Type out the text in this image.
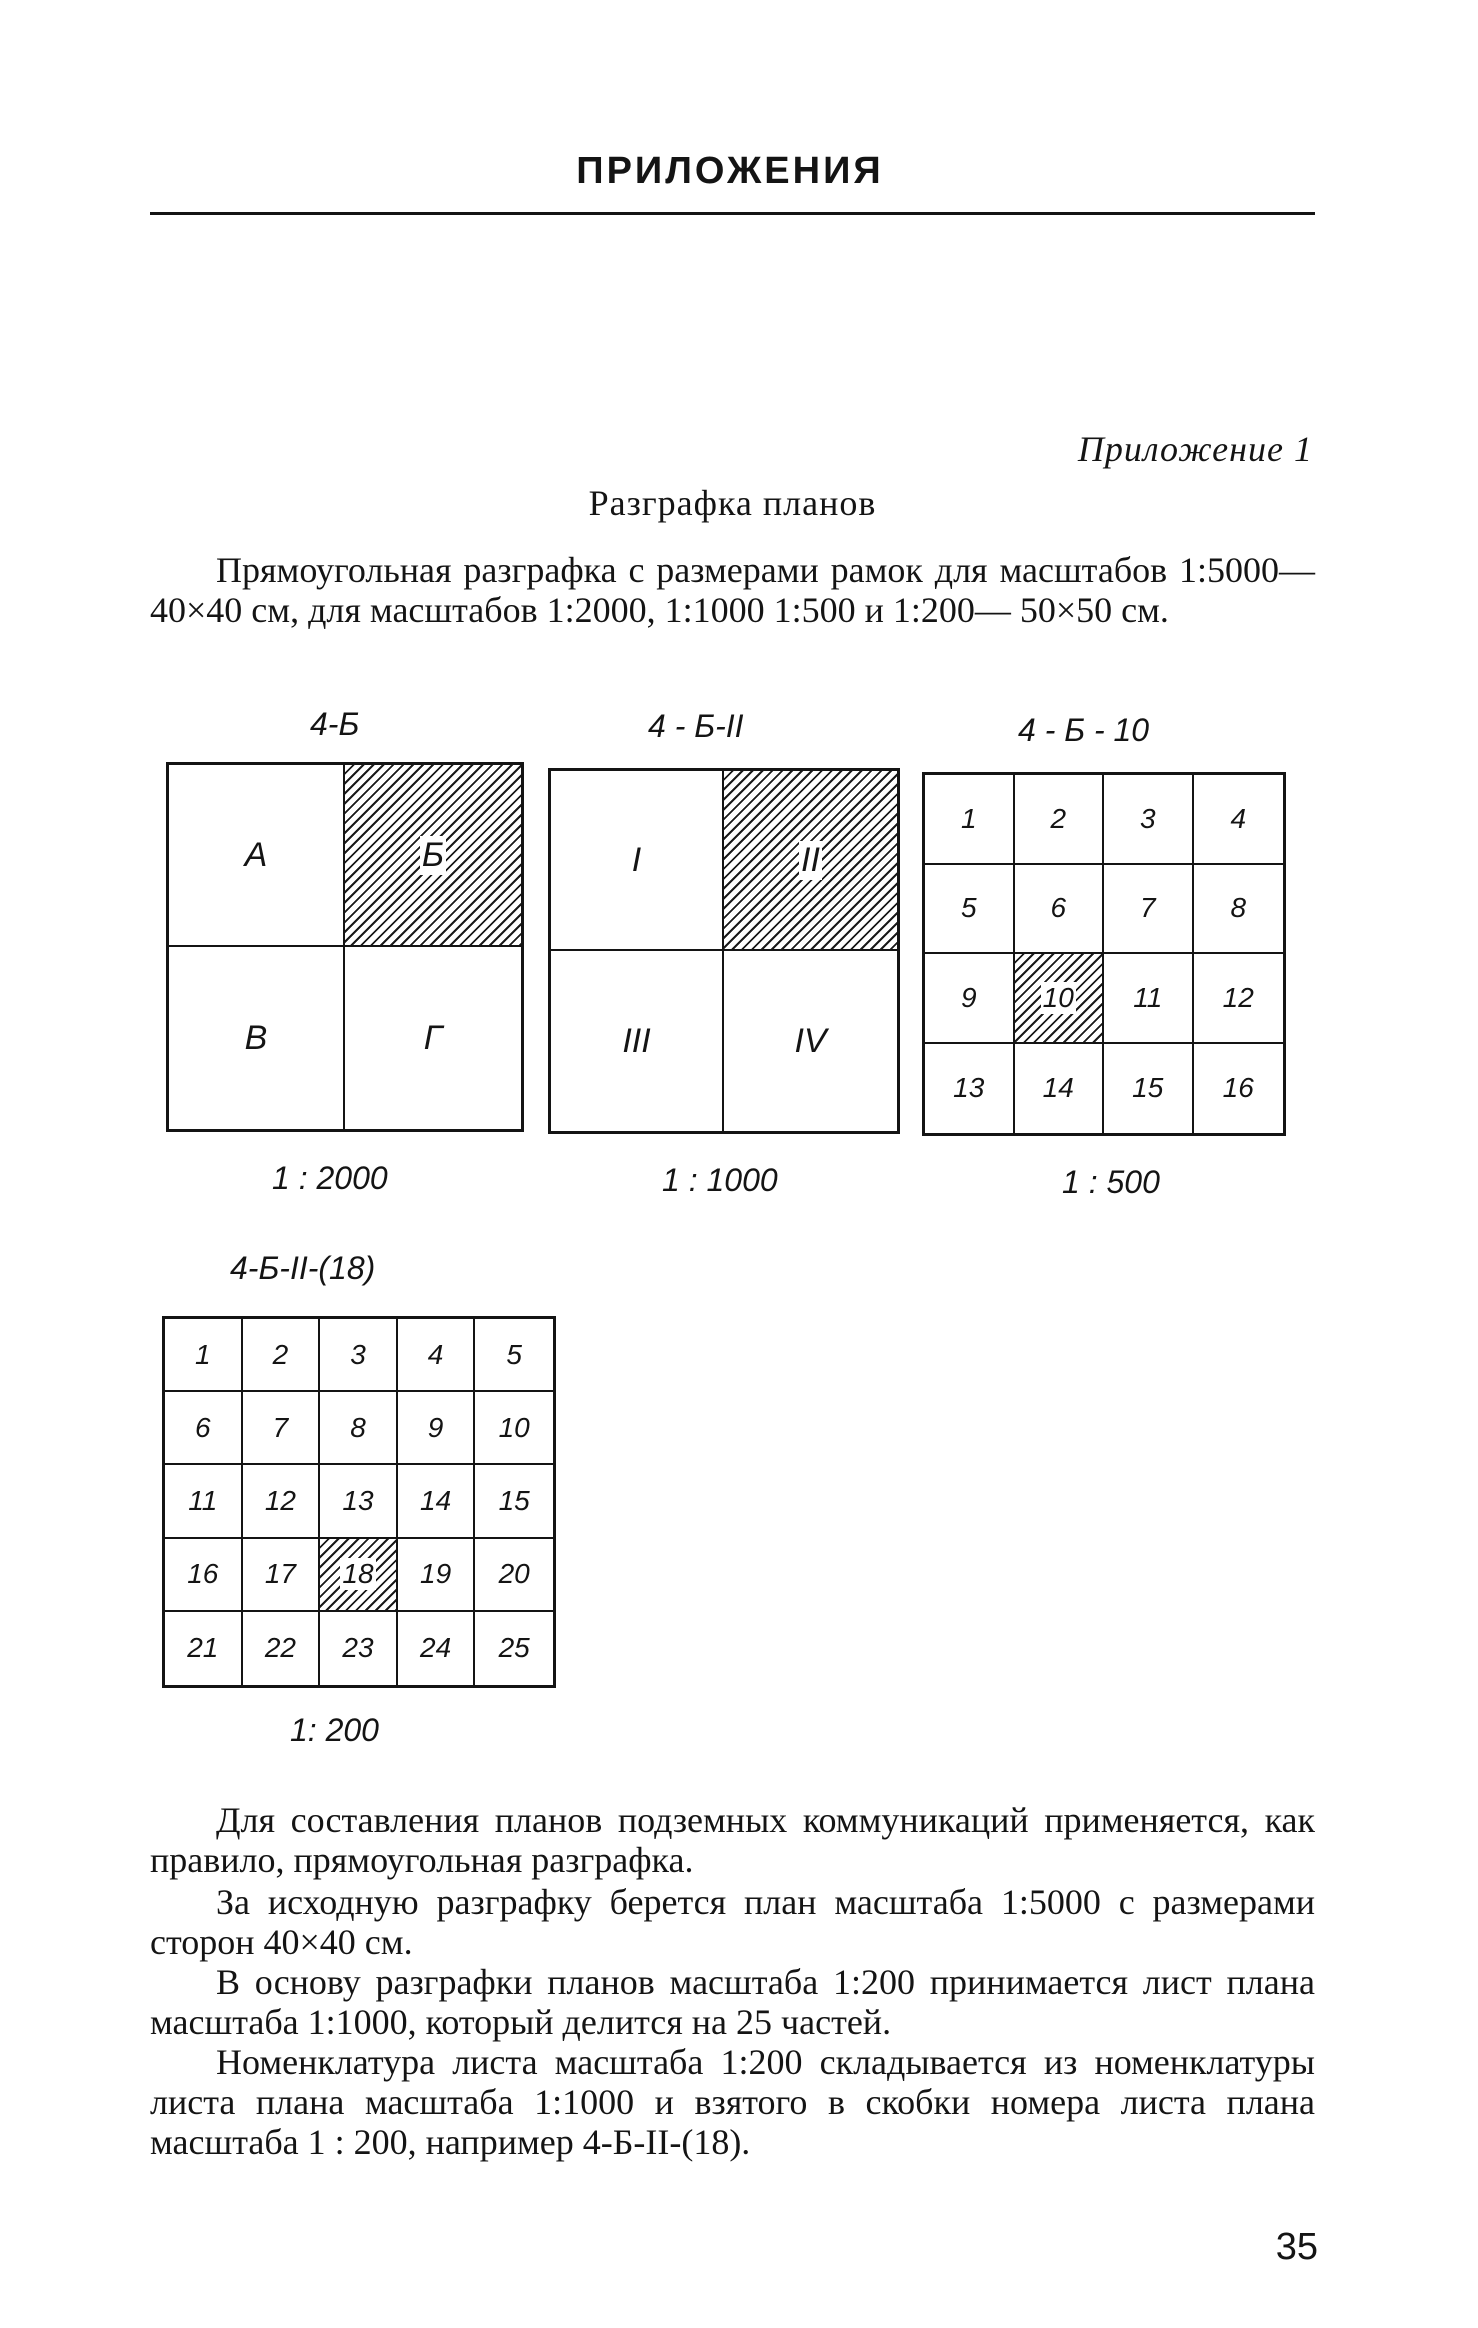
ПРИЛОЖЕНИЯ
Приложение 1
Разграфка планов
Прямоугольная разграфка с размерами рамок для масштабов 1:5000—40×40 см, для масштабов 1:2000, 1:1000 1:500 и 1:200— 50×50 см.
4-Б
А	Б
В	Г
1 : 2000
4 - Б-II
I	II
III	IV
1 : 1000
4 - Б - 10
1	2	3	4
5	6	7	8
9 10 11 12
13 14 15 16
1 : 500
4-Б-II-(18)
1 2 3 4 5
6 7 8 9 10
11 12 13 14 15
16 17 18 19 20
21 22 23 24 25
1: 200
Для составления планов подземных коммуникаций применяется, как правило, прямоугольная разграфка.
За исходную разграфку берется план масштаба 1:5000 с размерами сторон 40×40 см.
В основу разграфки планов масштаба 1:200 принимается лист плана масштаба 1:1000, который делится на 25 частей.
Номенклатура листа масштаба 1:200 складывается из номенклатуры листа плана масштаба 1:1000 и взятого в скобки номера листа плана масштаба 1 : 200, например 4-Б-II-(18).
35
